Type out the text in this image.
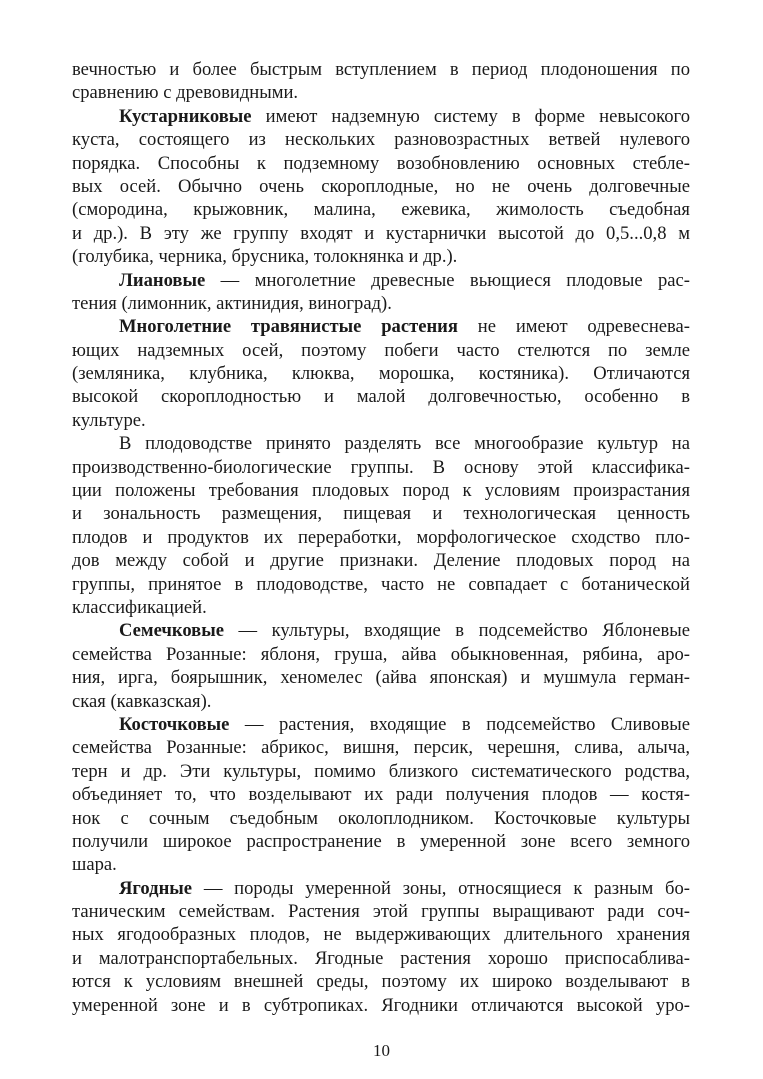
вечностью и более быстрым вступлением в период плодоношения по
сравнению с древовидными.

Кустарниковые имеют надземную систему в форме невысокого
куста, состоящего из нескольких разновозрастных ветвей нулевого
порядка. Способны к подземному возобновлению основных стебле-
вых осей. Обычно очень скороплодные, но не очень долговечные
(смородина, крыжовник, малина, ежевика, жимолость съедобная
и др.). В эту же группу входят и кустарнички высотой до 0,5...0,8 м
(голубика, черника, брусника, толокнянка и др.).

Лиановые — многолетние древесные вьющиеся плодовые рас-
тения (лимонник, актинидия, виноград).

Многолетние травянистые растения не имеют одревеснева-
ющих надземных осей, поэтому побеги часто стелются по земле
(земляника, клубника, клюква, морошка, костяника). Отличаются
высокой скороплодностью и малой долговечностью, особенно в
культуре.

В плодоводстве принято разделять все многообразие культур на
производственно-биологические группы. В основу этой классифика-
ции положены требования плодовых пород к условиям произрастания
и зональность размещения, пищевая и технологическая ценность
плодов и продуктов их переработки, морфологическое сходство пло-
дов между собой и другие признаки. Деление плодовых пород на
группы, принятое в плодоводстве, часто не совпадает с ботанической
классификацией.

Семечковые — культуры, входящие в подсемейство Яблоневые
семейства Розанные: яблоня, груша, айва обыкновенная, рябина, аро-
ния, ирга, боярышник, хеномелес (айва японская) и мушмула герман-
ская (кавказская).

Косточковые — растения, входящие в подсемейство Сливовые
семейства Розанные: абрикос, вишня, персик, черешня, слива, алыча,
терн и др. Эти культуры, помимо близкого систематического родства,
объединяет то, что возделывают их ради получения плодов — костя-
нок с сочным съедобным околоплодником. Косточковые культуры
получили широкое распространение в умеренной зоне всего земного
шара.

Ягодные — породы умеренной зоны, относящиеся к разным бо-
таническим семействам. Растения этой группы выращивают ради соч-
ных ягодообразных плодов, не выдерживающих длительного хранения
и малотранспортабельных. Ягодные растения хорошо приспосаблива-
ются к условиям внешней среды, поэтому их широко возделывают в
умеренной зоне и в субтропиках. Ягодники отличаются высокой уро-

10
